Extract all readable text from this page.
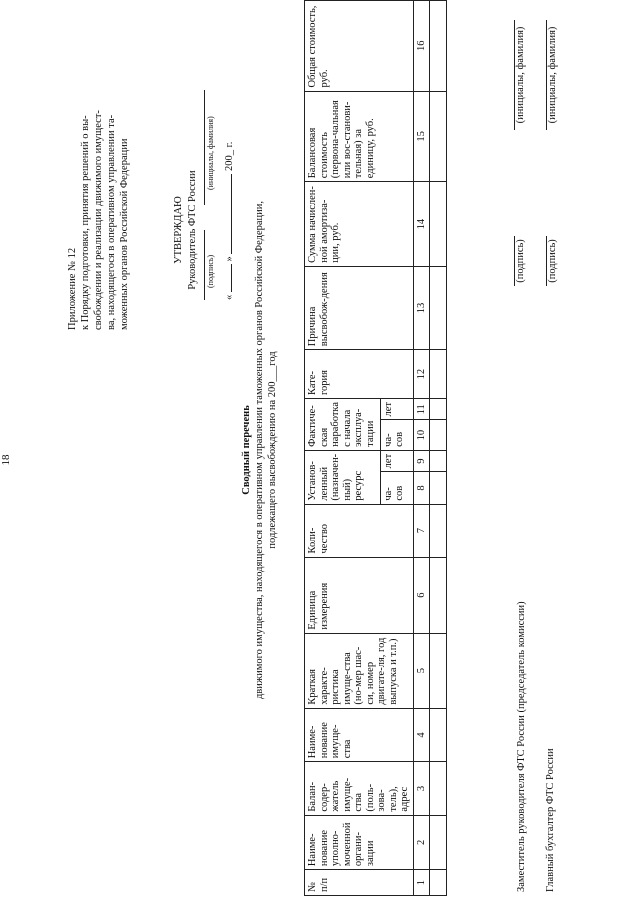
18
Приложение № 12 к Порядку подготовки, принятия решений о вы- свобождении и реализации движимого имущест- ва, находящегося в оперативном управлении та- моженных органов Российской Федерации	УТВЕРЖДАЮ Руководитель ФТС России (подпись)
(инициалы, фамилия)
«  »  200_ г.
Сводный перечень движимого имущества, находящегося в оперативном управлении таможенных органов Российской Федерации, подлежащего высвобождению на 200___год
№ п/п	Наиме-нование уполно-моченной органи-зации	Балан-содер-жатель имуще-ства (поль-зова-тель), адрес	Наиме-нование имуще-ства	Краткая характе-ристика имуще-ства (но-мер шас-си, номер двигате-ля, год выпуска и т.п.)	Единица измерения	Коли-чество	Установ-ленный (назначен-ный) ресурс		Фактиче-ская наработка с начала эксплуа-тации		Кате-гория	Причина высвобож-дения	Сумма начислен-ной амортиза-ции, руб.	Балансовая стоимость (первона-чальная или вос-станови-тельная) за единицу, руб.	Общая стоимость, руб.
							ча-сов	лет	ча-сов	лет					
1	2	3	4	5	6	7	8	9	10	11	12	13	14	15	16

Заместитель руководителя ФТС России (председатель комиссии) Главный бухгалтер ФТС России
(подпись)
(инициалы, фамилия)
(подпись)
(инициалы, фамилия)
